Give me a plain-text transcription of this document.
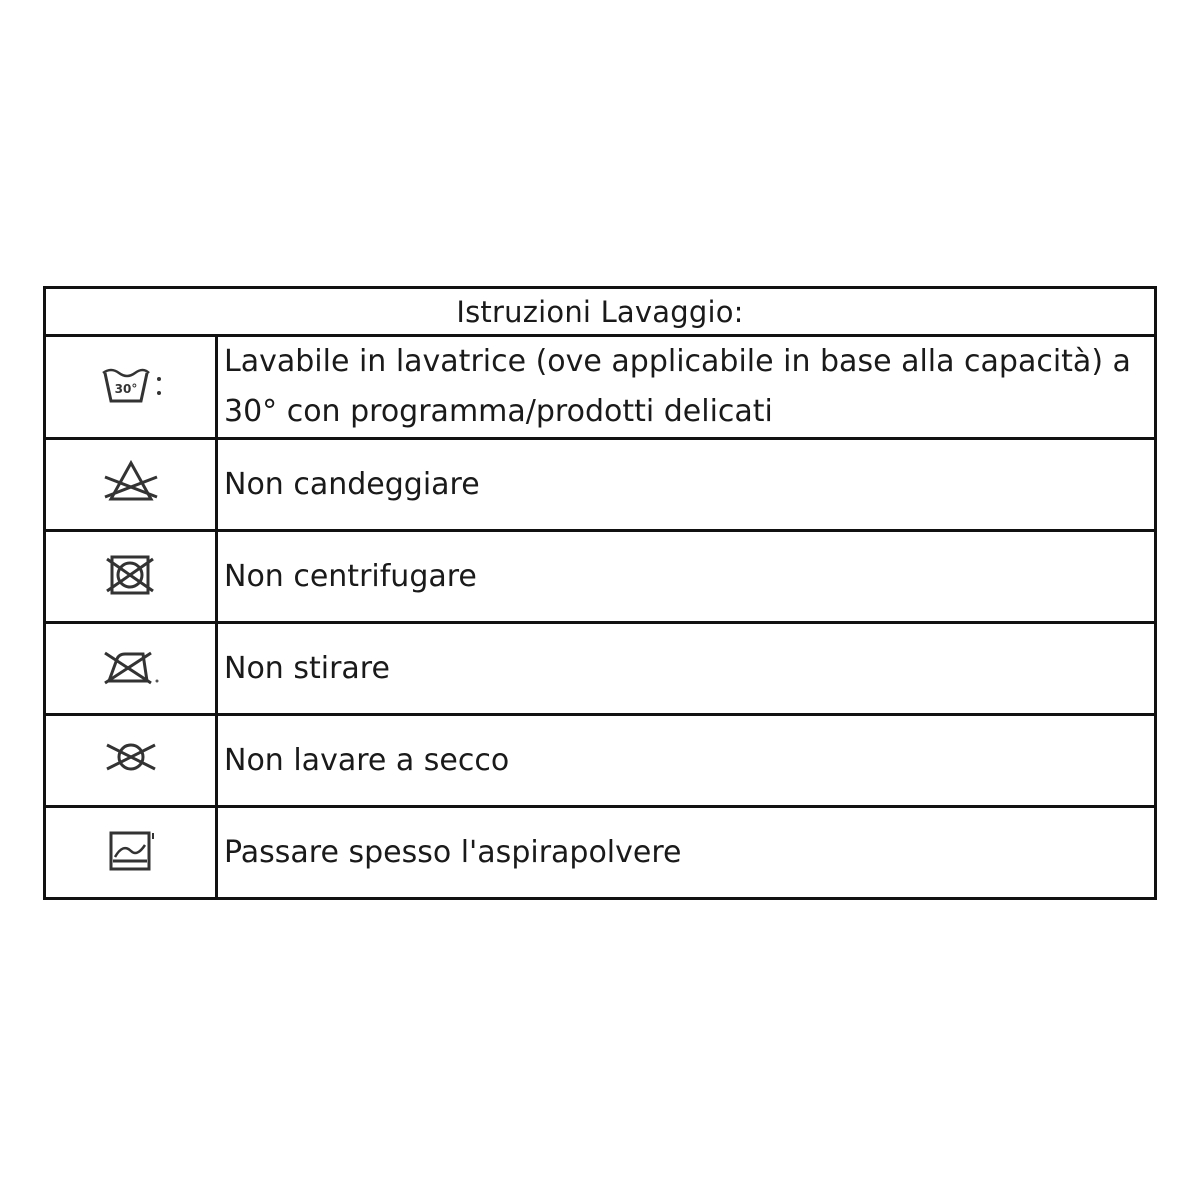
Istruzioni Lavaggio:	

30°	Lavabile in lavatrice (ove applicabile in base alla capacità) a 30° con programma/prodotti delicati

	Non candeggiare

	Non centrifugare

	Non stirare

	Non lavare a secco

	Passare spesso l'aspirapolvere
